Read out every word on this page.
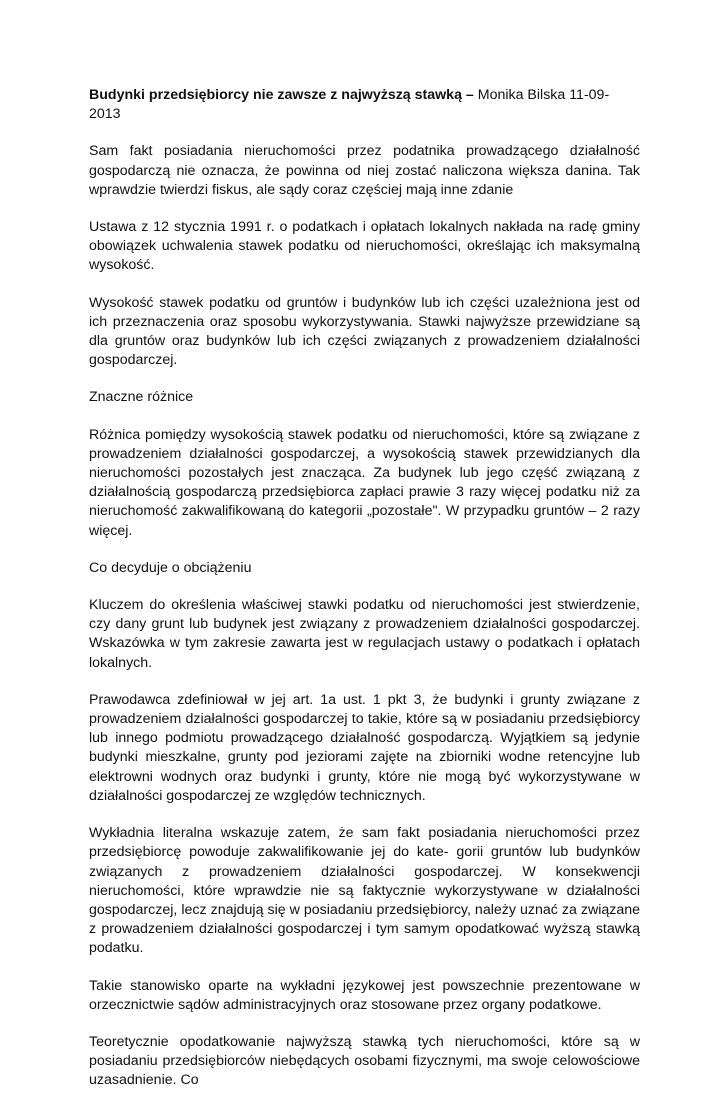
Budynki przedsiębiorcy nie zawsze z najwyższą stawką – Monika Bilska 11-09-2013

Sam fakt posiadania nieruchomości przez podatnika prowadzącego działalność gospodarczą nie oznacza, że powinna od niej zostać naliczona większa danina. Tak wprawdzie twierdzi fiskus, ale sądy coraz częściej mają inne zdanie

Ustawa z 12 stycznia 1991 r. o podatkach i opłatach lokalnych nakłada na radę gminy obowiązek uchwalenia stawek podatku od nieruchomości, określając ich maksymalną wysokość.

Wysokość stawek podatku od gruntów i budynków lub ich części uzależniona jest od ich przeznaczenia oraz sposobu wykorzystywania. Stawki najwyższe przewidziane są dla gruntów oraz budynków lub ich części związanych z prowadzeniem działalności gospodarczej.

Znaczne różnice

Różnica pomiędzy wysokością stawek podatku od nieruchomości, które są związane z prowadzeniem działalności gospodarczej, a wysokością stawek przewidzianych dla nieruchomości pozostałych jest znacząca. Za budynek lub jego część związaną z działalnością gospodarczą przedsiębiorca zapłaci prawie 3 razy więcej podatku niż za nieruchomość zakwalifikowaną do kategorii „pozostałe". W przypadku gruntów – 2 razy więcej.

Co decyduje o obciążeniu

Kluczem do określenia właściwej stawki podatku od nieruchomości jest stwierdzenie, czy dany grunt lub budynek jest związany z prowadzeniem działalności gospodarczej. Wskazówka w tym zakresie zawarta jest w regulacjach ustawy o podatkach i opłatach lokalnych.

Prawodawca zdefiniował w jej art. 1a ust. 1 pkt 3, że budynki i grunty związane z prowadzeniem działalności gospodarczej to takie, które są w posiadaniu przedsiębiorcy lub innego podmiotu prowadzącego działalność gospodarczą. Wyjątkiem są jedynie budynki mieszkalne, grunty pod jeziorami zajęte na zbiorniki wodne retencyjne lub elektrowni wodnych oraz budynki i grunty, które nie mogą być wykorzystywane w działalności gospodarczej ze względów technicznych.

Wykładnia literalna wskazuje zatem, że sam fakt posiadania nieruchomości przez przedsiębiorcę powoduje zakwalifikowanie jej do kate- gorii gruntów lub budynków związanych z prowadzeniem działalności gospodarczej. W konsekwencji nieruchomości, które wprawdzie nie są faktycznie wykorzystywane w działalności gospodarczej, lecz znajdują się w posiadaniu przedsiębiorcy, należy uznać za związane z prowadzeniem działalności gospodarczej i tym samym opodatkować wyższą stawką podatku.

Takie stanowisko oparte na wykładni językowej jest powszechnie prezentowane w orzecznictwie sądów administracyjnych oraz stosowane przez organy podatkowe.

Teoretycznie opodatkowanie najwyższą stawką tych nieruchomości, które są w posiadaniu przedsiębiorców niebędących osobami fizycznymi, ma swoje celowościowe uzasadnienie. Co
